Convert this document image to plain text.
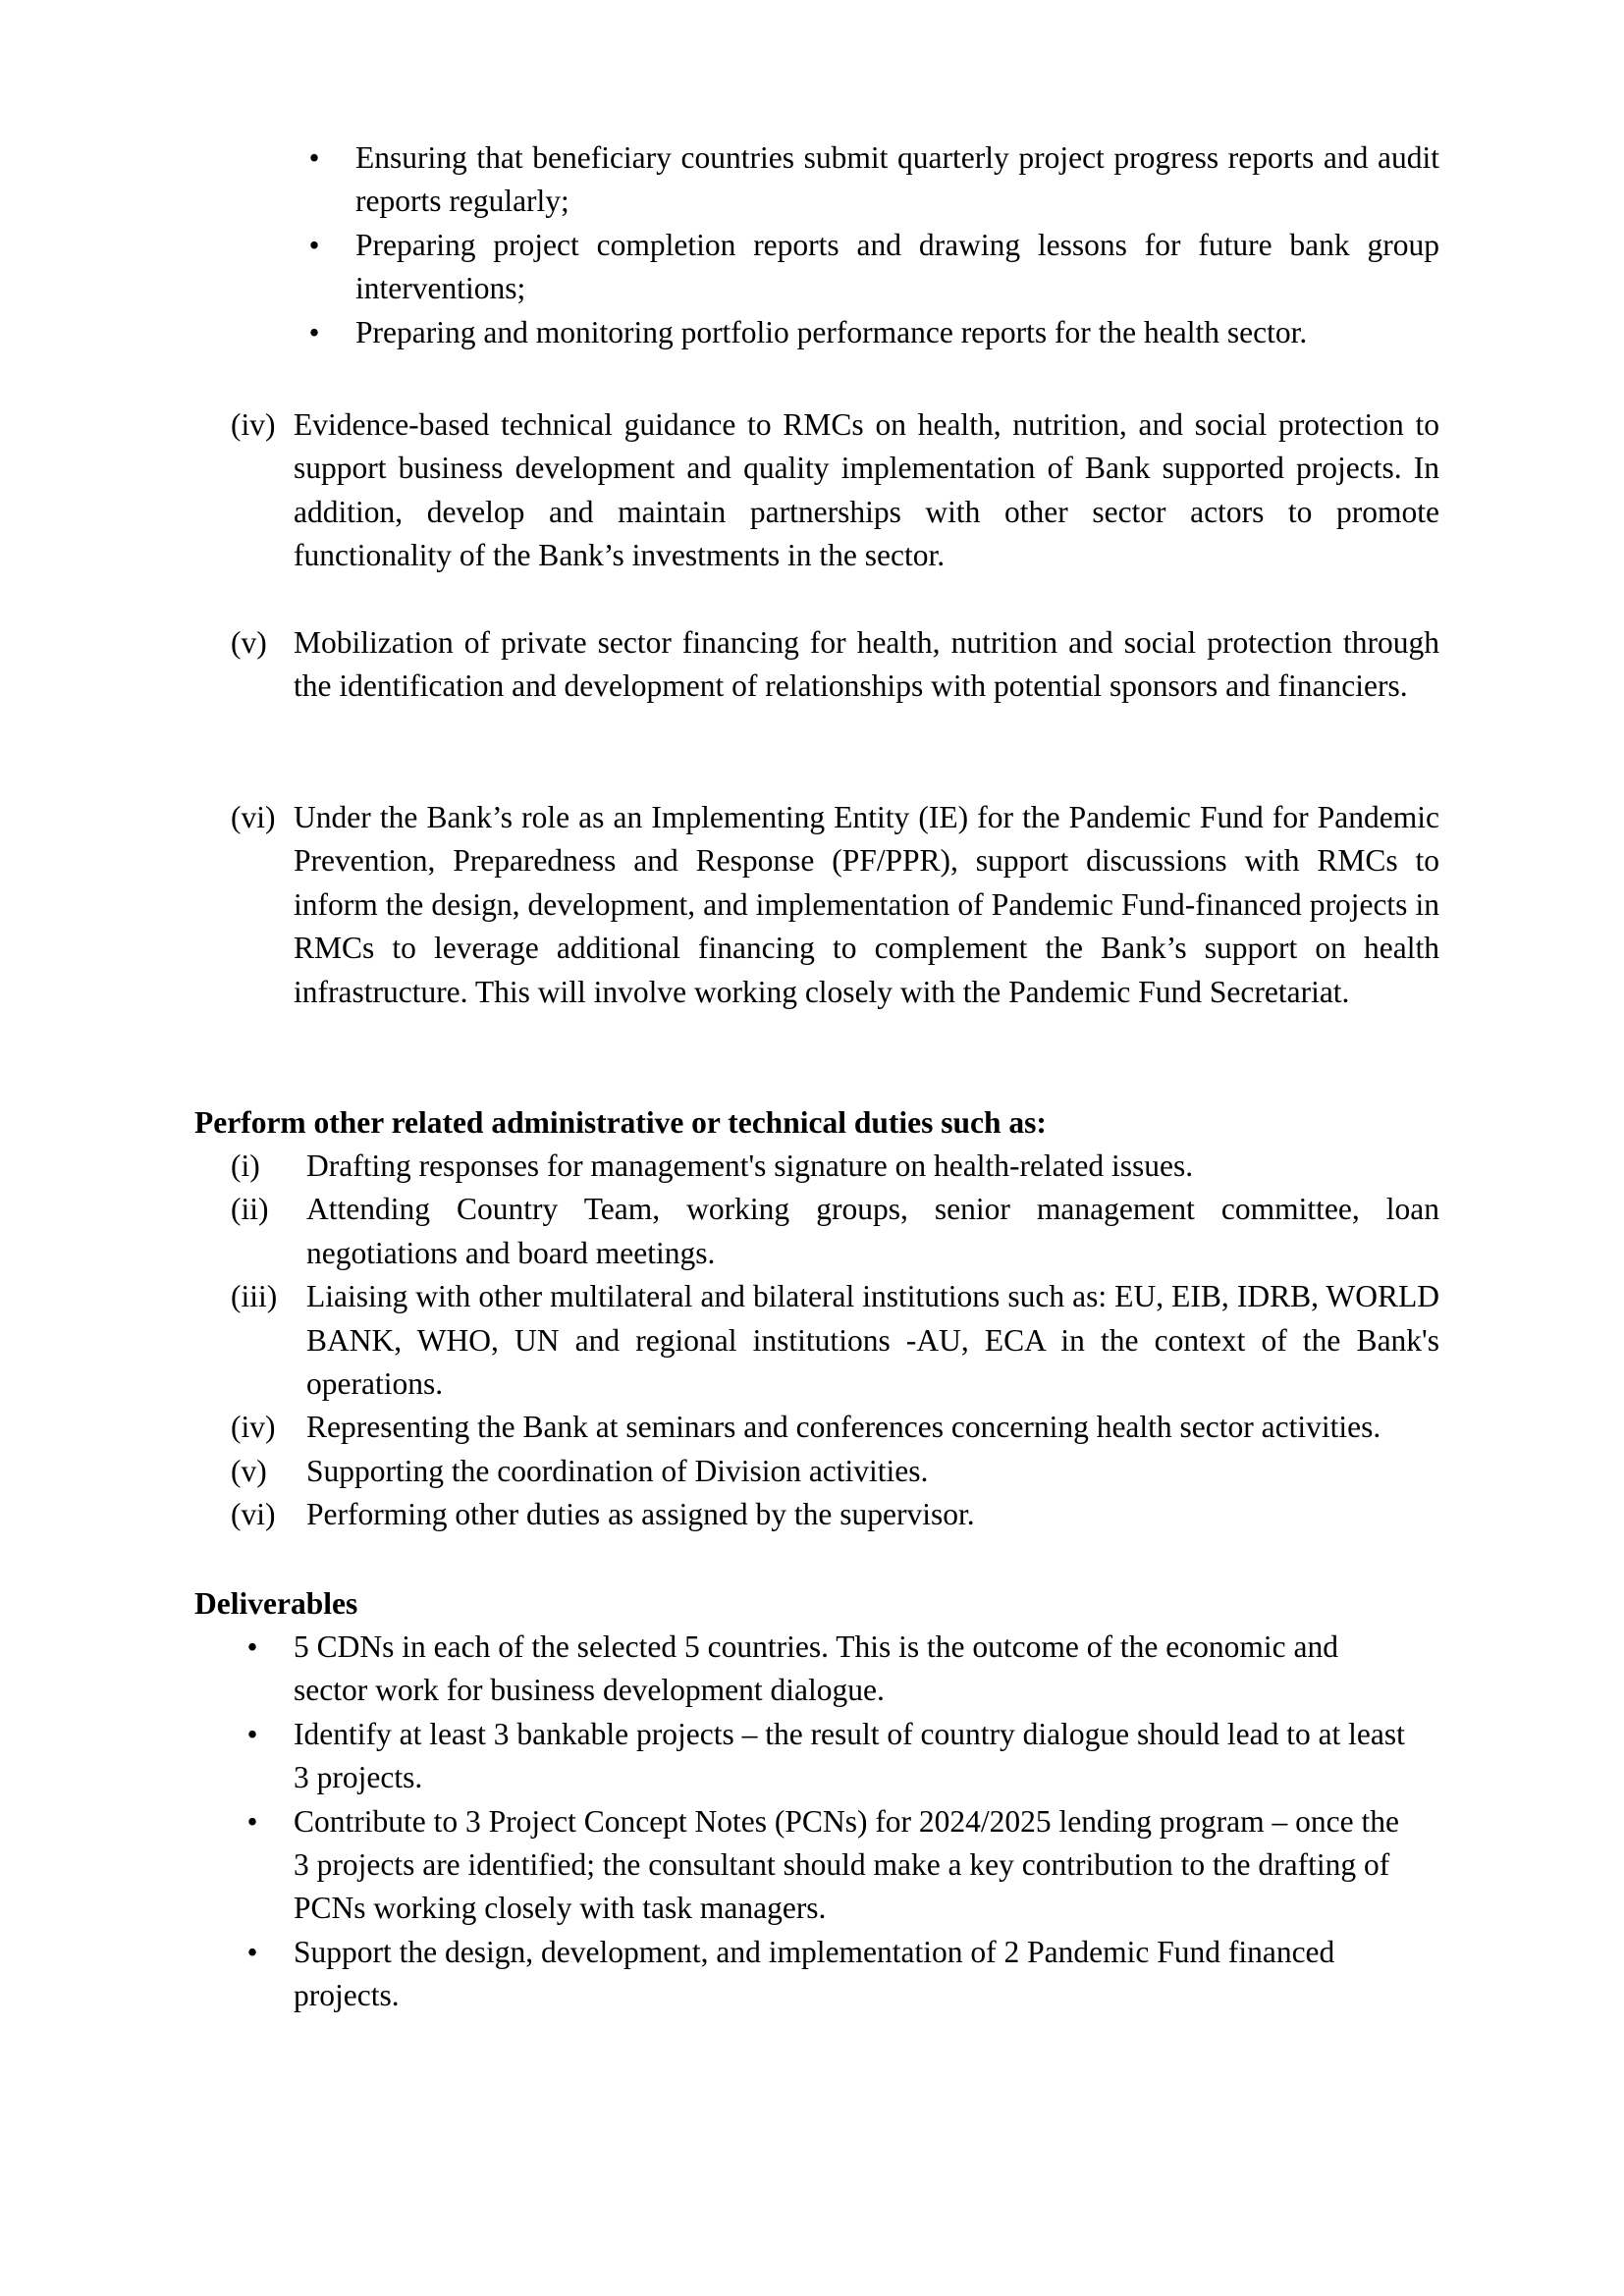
• Ensuring that beneficiary countries submit quarterly project progress reports and audit reports regularly;
• Preparing project completion reports and drawing lessons for future bank group interventions;
• Preparing and monitoring portfolio performance reports for the health sector.
(iv) Evidence-based technical guidance to RMCs on health, nutrition, and social protection to support business development and quality implementation of Bank supported projects. In addition, develop and maintain partnerships with other sector actors to promote functionality of the Bank’s investments in the sector.
(v) Mobilization of private sector financing for health, nutrition and social protection through the identification and development of relationships with potential sponsors and financiers.
(vi) Under the Bank’s role as an Implementing Entity (IE) for the Pandemic Fund for Pandemic Prevention, Preparedness and Response (PF/PPR), support discussions with RMCs to inform the design, development, and implementation of Pandemic Fund-financed projects in RMCs to leverage additional financing to complement the Bank’s support on health infrastructure. This will involve working closely with the Pandemic Fund Secretariat.
Perform other related administrative or technical duties such as:
(i)	Drafting responses for management's signature on health-related issues.
(ii)	Attending Country Team, working groups, senior management committee, loan negotiations and board meetings.
(iii) Liaising with other multilateral and bilateral institutions such as: EU, EIB, IDRB, WORLD BANK, WHO, UN and regional institutions -AU, ECA in the context of the Bank's operations.
(iv)	Representing the Bank at seminars and conferences concerning health sector activities.
(v)	Supporting the coordination of Division activities.
(vi)	Performing other duties as assigned by the supervisor.
Deliverables
• 5 CDNs in each of the selected 5 countries. This is the outcome of the economic and sector work for business development dialogue.
• Identify at least 3 bankable projects – the result of country dialogue should lead to at least 3 projects.
• Contribute to 3 Project Concept Notes (PCNs) for 2024/2025 lending program – once the 3 projects are identified; the consultant should make a key contribution to the drafting of PCNs working closely with task managers.
• Support the design, development, and implementation of 2 Pandemic Fund financed projects.
